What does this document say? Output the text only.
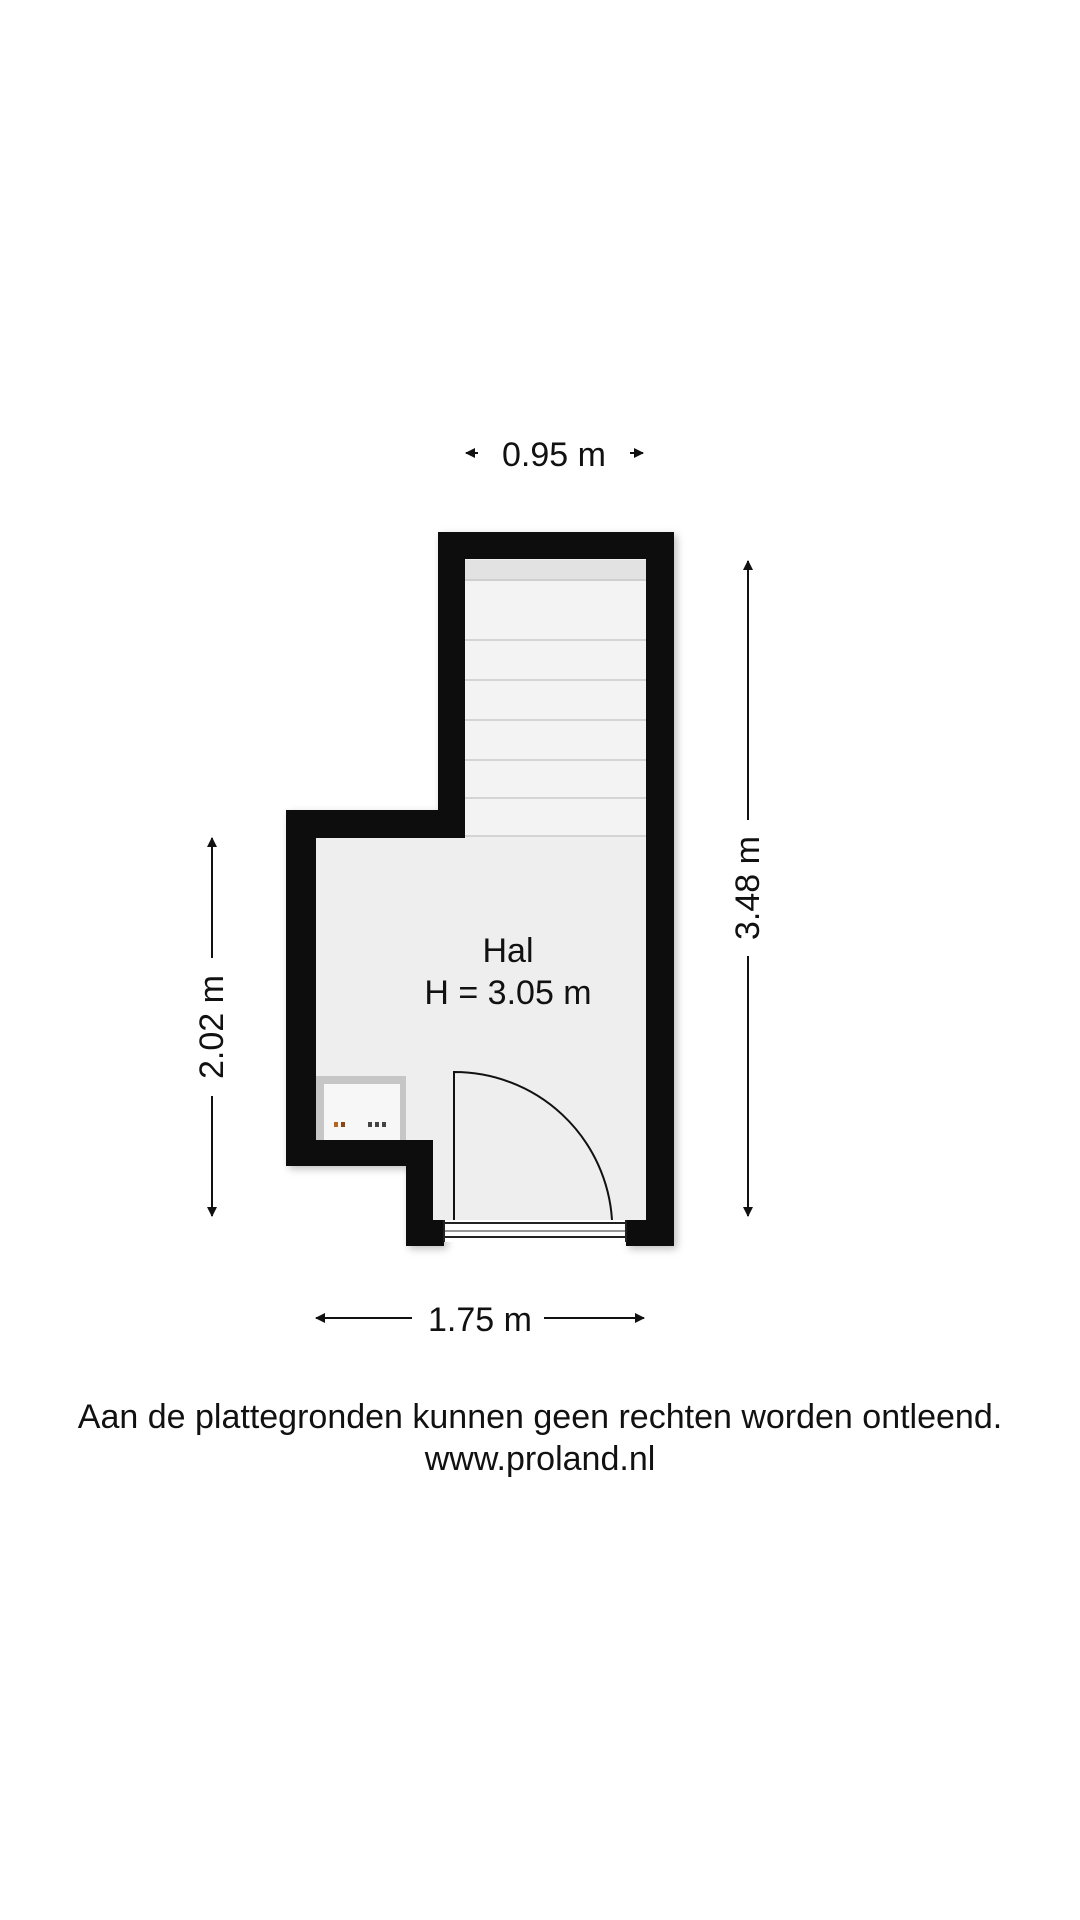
0.95 m
1.75 m
2.02 m
3.48 m
Hal
H = 3.05 m
Aan de plattegronden kunnen geen rechten worden ontleend.
www.proland.nl
